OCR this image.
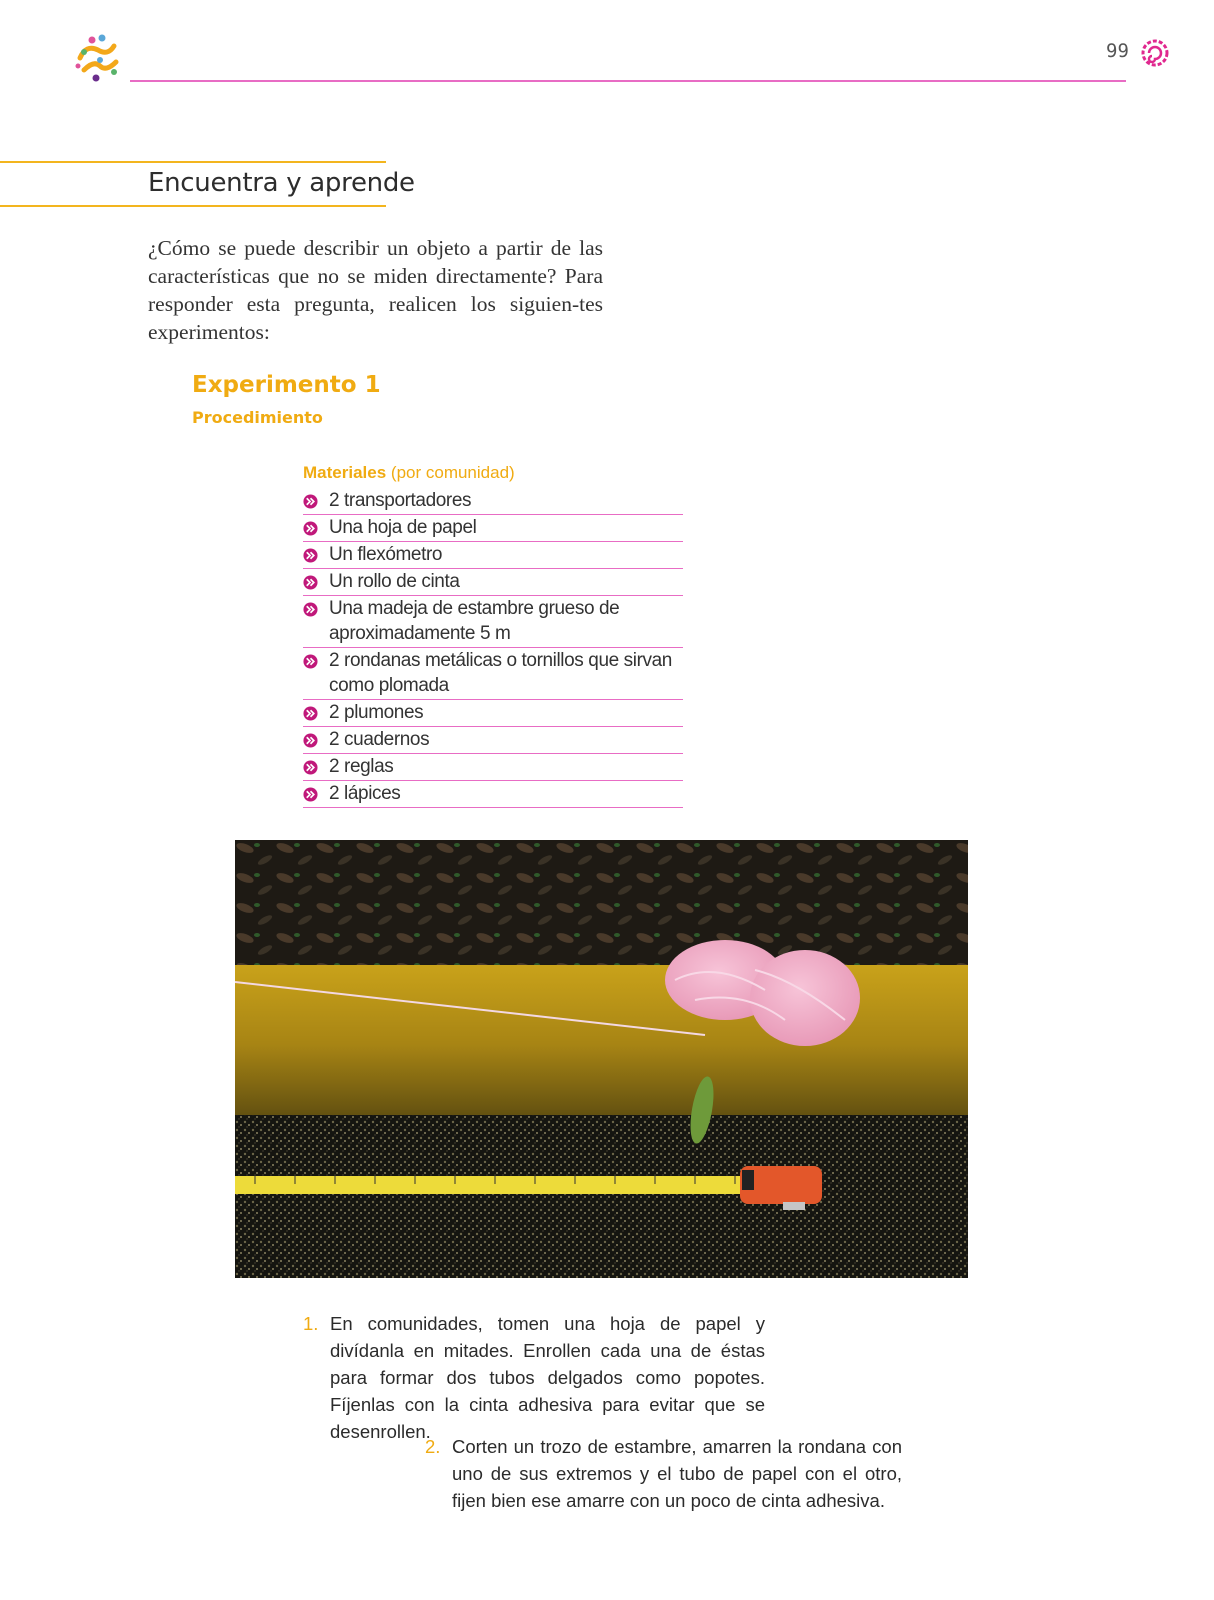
99
Encuentra y aprende
¿Cómo se puede describir un objeto a partir de las características que no se miden directamente? Para responder esta pregunta, realicen los siguien-tes experimentos:
Experimento 1
Procedimiento
Materiales (por comunidad)
2 transportadores
Una hoja de papel
Un flexómetro
Un rollo de cinta
Una madeja de estambre grueso de aproximadamente 5 m
2 rondanas metálicas o tornillos que sirvan como plomada
2 plumones
2 cuadernos
2 reglas
2 lápices
1. En comunidades, tomen una hoja de papel y divídanla en mitades. Enrollen cada una de éstas para formar dos tubos delgados como popotes. Fíjenlas con la cinta adhesiva para evitar que se desenrollen.
2. Corten un trozo de estambre, amarren la rondana con uno de sus extremos y el tubo de papel con el otro, fijen bien ese amarre con un poco de cinta adhesiva.
